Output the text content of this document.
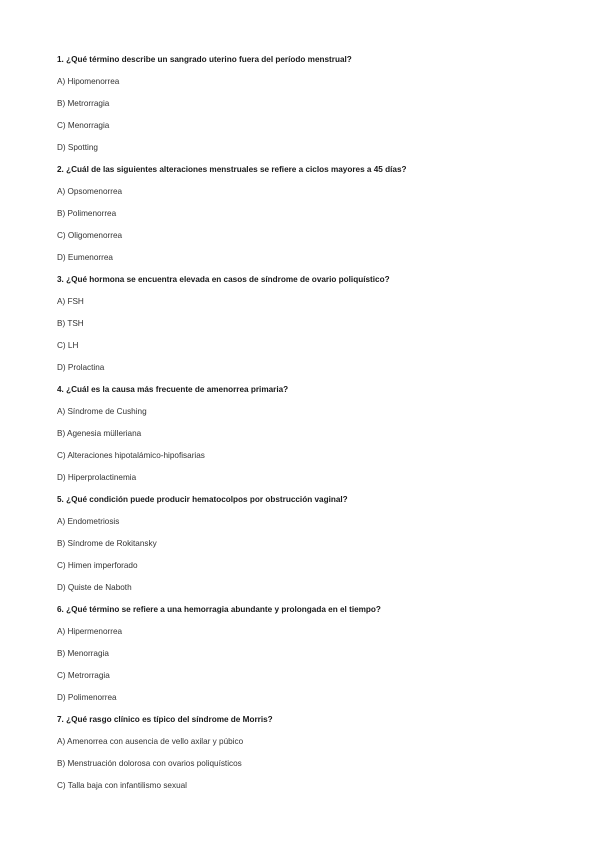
1. ¿Qué término describe un sangrado uterino fuera del período menstrual?
A) Hipomenorrea
B) Metrorragia
C) Menorragia
D) Spotting
2. ¿Cuál de las siguientes alteraciones menstruales se refiere a ciclos mayores a 45 días?
A) Opsomenorrea
B) Polimenorrea
C) Oligomenorrea
D) Eumenorrea
3. ¿Qué hormona se encuentra elevada en casos de síndrome de ovario poliquístico?
A) FSH
B) TSH
C) LH
D) Prolactina
4. ¿Cuál es la causa más frecuente de amenorrea primaria?
A) Síndrome de Cushing
B) Agenesia mülleriana
C) Alteraciones hipotalámico-hipofisarias
D) Hiperprolactinemia
5. ¿Qué condición puede producir hematocolpos por obstrucción vaginal?
A) Endometriosis
B) Síndrome de Rokitansky
C) Himen imperforado
D) Quiste de Naboth
6. ¿Qué término se refiere a una hemorragia abundante y prolongada en el tiempo?
A) Hipermenorrea
B) Menorragia
C) Metrorragia
D) Polimenorrea
7. ¿Qué rasgo clínico es típico del síndrome de Morris?
A) Amenorrea con ausencia de vello axilar y púbico
B) Menstruación dolorosa con ovarios poliquísticos
C) Talla baja con infantilismo sexual
